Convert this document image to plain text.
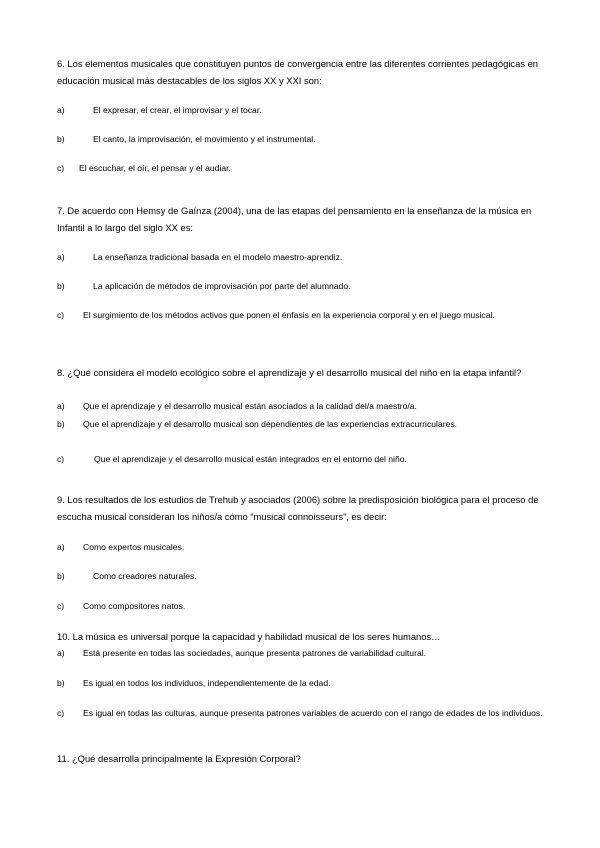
6. Los elementos musicales que constituyen puntos de convergencia entre las diferentes corrientes pedagógicas en educación musical más destacables de los siglos XX y XXI son:

a)	El expresar, el crear, el improvisar y el tocar.

b)	El canto, la improvisación, el movimiento y el instrumental.

c) El escuchar, el oír, el pensar y el audiar.

7. De acuerdo con Hemsy de Gaínza (2004), una de las etapas del pensamiento en la enseñanza de la música en Infantil a lo largo del siglo XX es:

a)	La enseñanza tradicional basada en el modelo maestro-aprendiz.

b)	La aplicación de métodos de improvisación por parte del alumnado.

c) El surgimiento de los métodos activos que ponen el énfasis en la experiencia corporal y en el juego musical.

8. ¿Qué considera el modelo ecológico sobre el aprendizaje y el desarrollo musical del niño en la etapa infantil?

a) Que el aprendizaje y el desarrollo musical están asociados a la calidad del/a maestro/a.

b) Que el aprendizaje y el desarrollo musical son dependientes de las experiencias extracurriculares.

c)	Que el aprendizaje y el desarrollo musical están integrados en el entorno del niño.

9. Los resultados de los estudios de Trehub y asociados (2006) sobre la predisposición biológica para el proceso de escucha musical consideran los niños/a cómo “musical connoisseurs”, es decir:

a) Como expertos musicales.

b)	Como creadores naturales.

c) Como compositores natos.

10. La música es universal porque la capacidad y habilidad musical de los seres humanos…

a) Está presente en todas las sociedades, aunque presenta patrones de variabilidad cultural.

b) Es igual en todos los individuos, independientemente de la edad.

c) Es igual en todas las culturas, aunque presenta patrones variables de acuerdo con el rango de edades de los individuos.

11. ¿Qué desarrolla principalmente la Expresión Corporal?
